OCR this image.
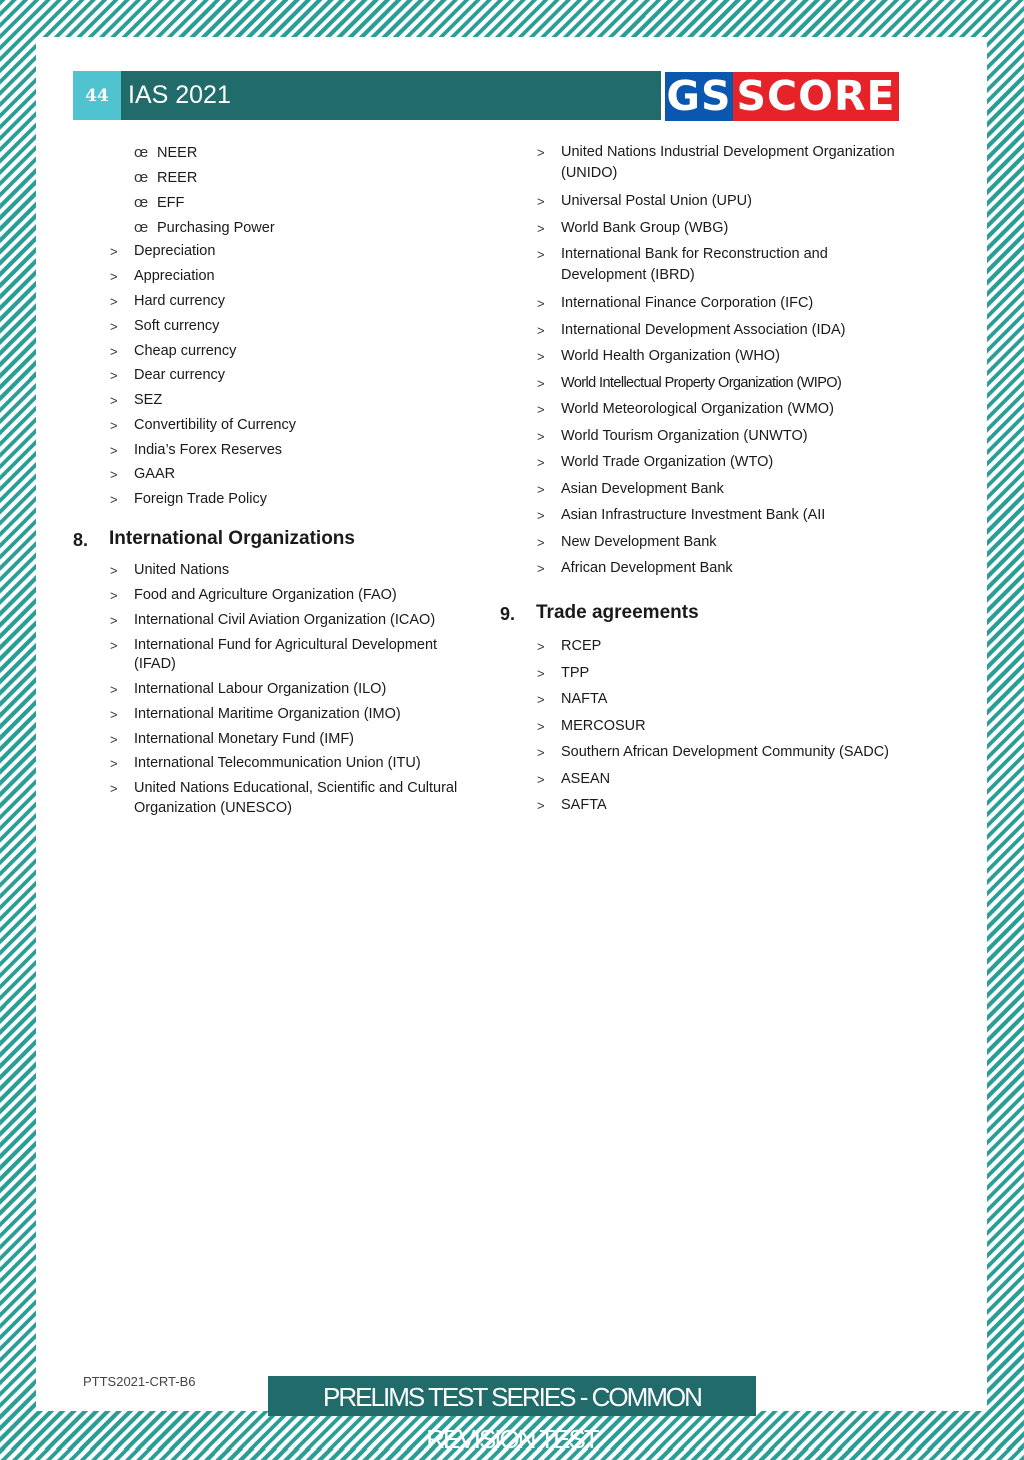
44 IAS 2021	GS SCORE
œ NEER
œ REER
œ EFF
œ Purchasing Power
> Depreciation
> Appreciation
> Hard currency
> Soft currency
> Cheap currency
> Dear currency
> SEZ
> Convertibility of Currency
> India’s Forex Reserves
> GAAR
> Foreign Trade Policy
8. International Organizations
> United Nations
> Food and Agriculture Organization (FAO)
> International Civil Aviation Organization (ICAO)
> International Fund for Agricultural Development
(IFAD)
> International Labour Organization (ILO)
> International Maritime Organization (IMO)
> International Monetary Fund (IMF)
> International Telecommunication Union (ITU)
> United Nations Educational, Scientific and Cultural
Organization (UNESCO)
> United Nations Industrial Development Organization
(UNIDO)
> Universal Postal Union (UPU)
> World Bank Group (WBG)
> International Bank for Reconstruction and
Development (IBRD)
> International Finance Corporation (IFC)
> International Development Association (IDA)
> World Health Organization (WHO)
> World Intellectual Property Organization (WIPO)
> World Meteorological Organization (WMO)
> World Tourism Organization (UNWTO)
> World Trade Organization (WTO)
> Asian Development Bank
> Asian Infrastructure Investment Bank (AII
> New Development Bank
> African Development Bank
9. Trade agreements
> RCEP
> TPP
> NAFTA
> MERCOSUR
> Southern African Development Community (SADC)
> ASEAN
> SAFTA
PTTS2021-CRT-B6
PRELIMS TEST SERIES - COMMON REVISION TEST
